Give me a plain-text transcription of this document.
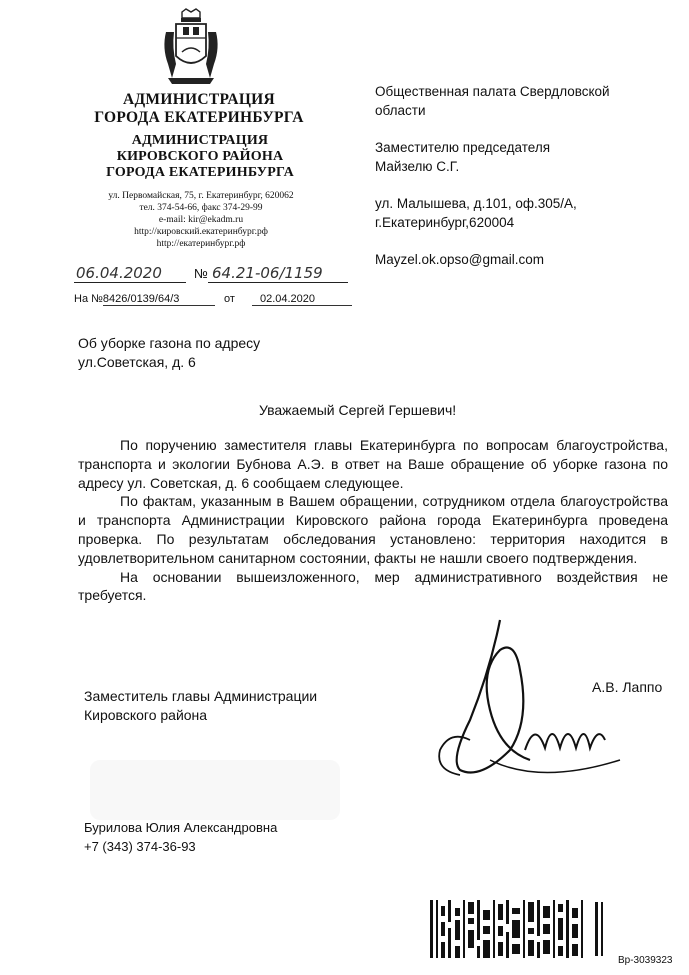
АДМИНИСТРАЦИЯ
ГОРОДА ЕКАТЕРИНБУРГА
АДМИНИСТРАЦИЯ
КИРОВСКОГО РАЙОНА
ГОРОДА ЕКАТЕРИНБУРГА
ул. Первомайская, 75, г. Екатеринбург, 620062
тел. 374-54-66, факс 374-29-99
e-mail: kir@ekadm.ru
http://кировский.екатеринбург.рф
http://екатеринбург.рф
06.04.2020 № 64.21-06/1159
На №8426/0139/64/3	от 02.04.2020
Общественная палата Свердловской
области
Заместителю председателя
Майзелю С.Г.
ул. Малышева, д.101, оф.305/А,
г.Екатеринбург,620004
Mayzel.ok.opso@gmail.com
Об уборке газона по адресу
ул.Советская, д. 6
Уважаемый Сергей Гершевич!

По поручению заместителя главы Екатеринбурга по вопросам благоустройства, транспорта и экологии Бубнова А.Э. в ответ на Ваше обращение об уборке газона по адресу ул. Советская, д. 6 сообщаем следующее.

По фактам, указанным в Вашем обращении, сотрудником отдела благоустройства и транспорта Администрации Кировского района города Екатеринбурга проведена проверка. По результатам обследования установлено: территория находится в удовлетворительном санитарном состоянии, факты не нашли своего подтверждения.

На основании вышеизложенного, мер административного воздействия не требуется.

Заместитель главы Администрации
Кировского района
А.В. Лаппо
Бурилова Юлия Александровна
+7 (343) 374-36-93
Вр-3039323
